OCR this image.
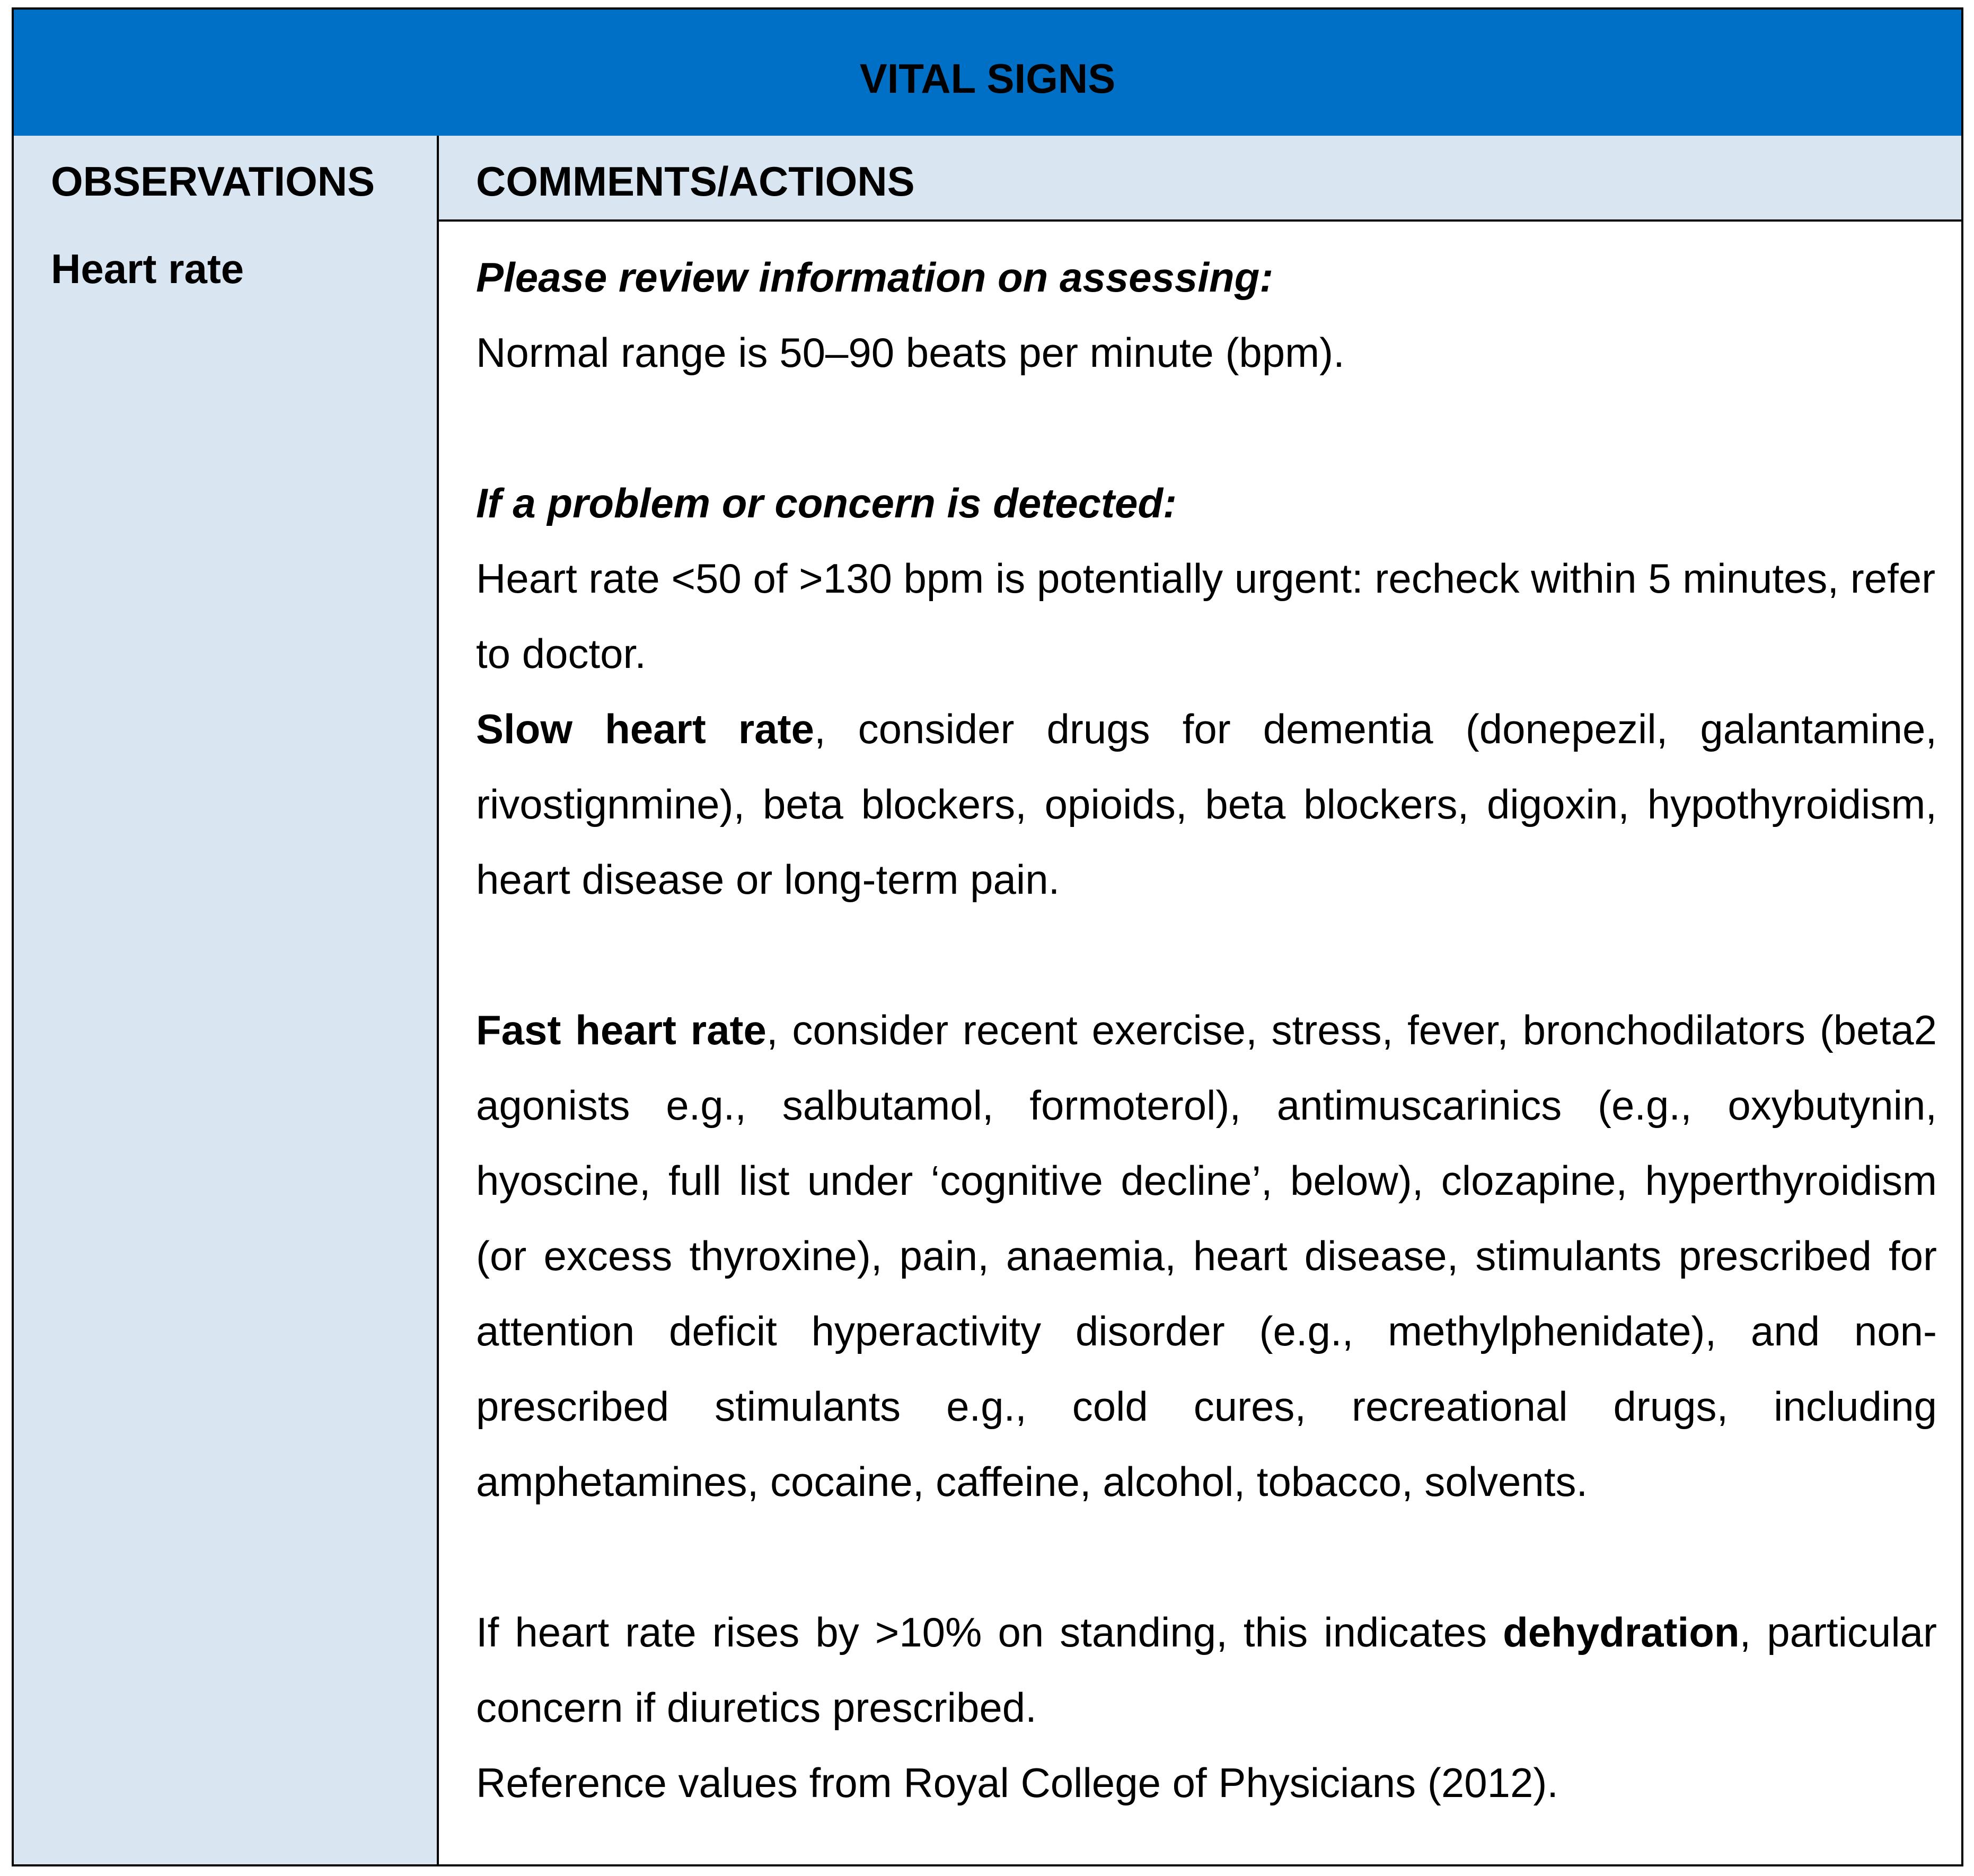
VITAL SIGNS
OBSERVATIONS	COMMENTS/ACTIONS
Heart rate	Please review information on assessing:

Normal range is 50–90 beats per minute (bpm).

If a problem or concern is detected:

Heart rate <50 of >130 bpm is potentially urgent: recheck within 5 minutes, refer to doctor.

Slow heart rate, consider drugs for dementia (donepezil, galantamine, rivostignmine), beta blockers, opioids, beta blockers, digoxin, hypothyroidism, heart disease or long-term pain.

Fast heart rate, consider recent exercise, stress, fever, bronchodilators (beta2 agonists e.g., salbutamol, formoterol), antimuscarinics (e.g., oxybutynin, hyoscine, full list under ‘cognitive decline’, below), clozapine, hyperthyroidism (or excess thyroxine), pain, anaemia, heart disease, stimulants prescribed for attention deficit hyperactivity disorder (e.g., methylphenidate), and non-prescribed stimulants e.g., cold cures, recreational drugs, including amphetamines, cocaine, caffeine, alcohol, tobacco, solvents.

If heart rate rises by >10% on standing, this indicates dehydration, particular concern if diuretics prescribed.

Reference values from Royal College of Physicians (2012).
